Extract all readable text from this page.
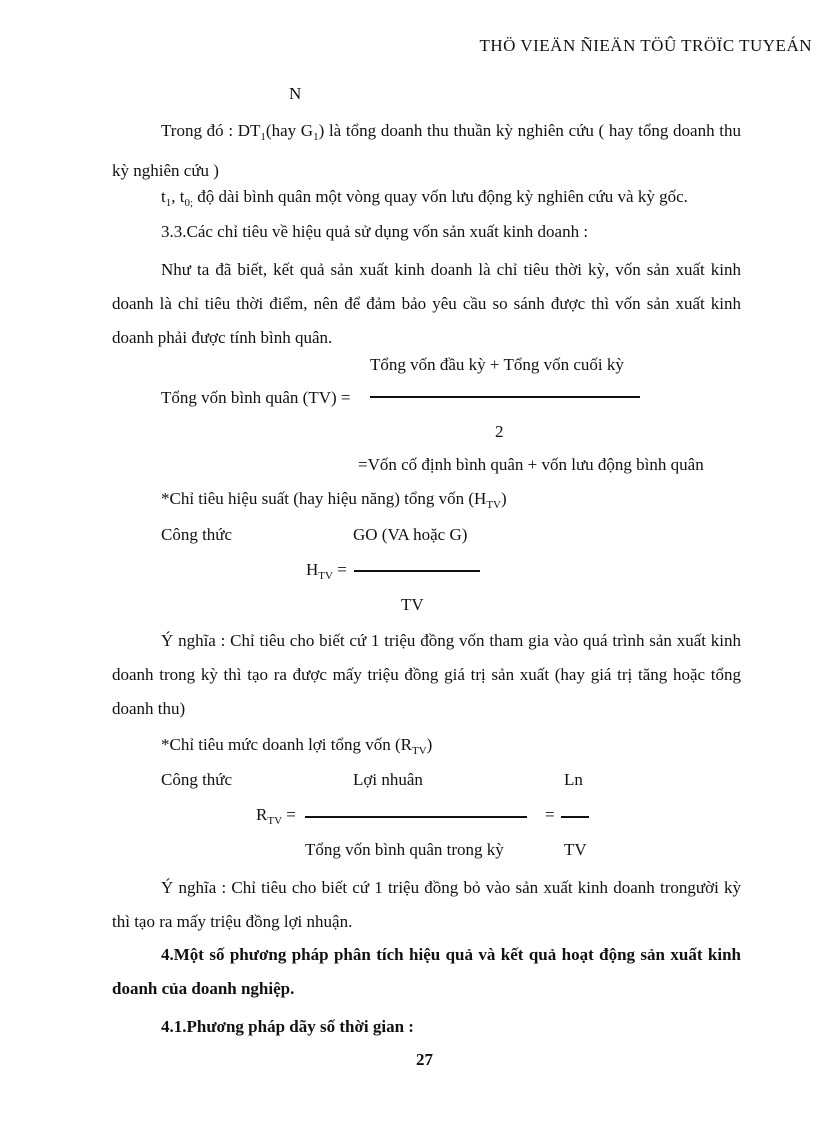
THÖ VIEÄN ÑIEÄN TÖÛ TRÖÏC TUYEÁN
N
Trong đó : $DT_1(hay$ $G_1$) là tổng doanh thu thuần kỳ nghiên cứu ( hay tổng doanh thu kỳ nghiên cứu )
$t_1$, $t_{0;}$ độ dài bình quân một vòng quay vốn lưu động kỳ nghiên cứu và kỳ gốc.
3.3.Các chỉ tiêu về hiệu quả sử dụng vốn sản xuất kinh doanh :
Như ta đã biết, kết quả sản xuất kinh doanh là chỉ tiêu thời kỳ, vốn sản xuất kinh doanh là chỉ tiêu thời điểm, nên để đảm bảo yêu cầu so sánh được thì vốn sản xuất kinh doanh phải được tính bình quân.
Tổng vốn đầu kỳ + Tổng vốn cuối kỳ
Tổng vốn bình quân (TV) =
2
=Vốn cố định bình quân + vốn lưu động bình quân
*Chỉ tiêu hiệu suất (hay hiệu năng) tổng vốn $(H_{TV})$
Công thức	GO (VA hoặc G)
$H_{TV}$ =
TV
Ý nghĩa : Chỉ tiêu cho biết cứ 1 triệu đồng vốn tham gia vào quá trình sản xuất kinh doanh trong kỳ thì tạo ra được mấy triệu đồng giá trị sản xuất (hay giá trị tăng hoặc tổng doanh thu)
*Chỉ tiêu mức doanh lợi tổng vốn $(R_{TV})$
Công thức	Lợi nhuân	Ln
$R_{TV}$ =	=
Tổng vốn bình quân trong kỳ	TV
Ý nghĩa : Chỉ tiêu cho biết cứ 1 triệu đồng bỏ vào sản xuất kinh doanh trongười kỳ thì tạo ra mấy triệu đồng lợi nhuận.
4.Một số phương pháp phân tích hiệu quả và kết quả hoạt động sản xuất kinh doanh của doanh nghiệp.
4.1.Phương pháp dãy số thời gian :
27
